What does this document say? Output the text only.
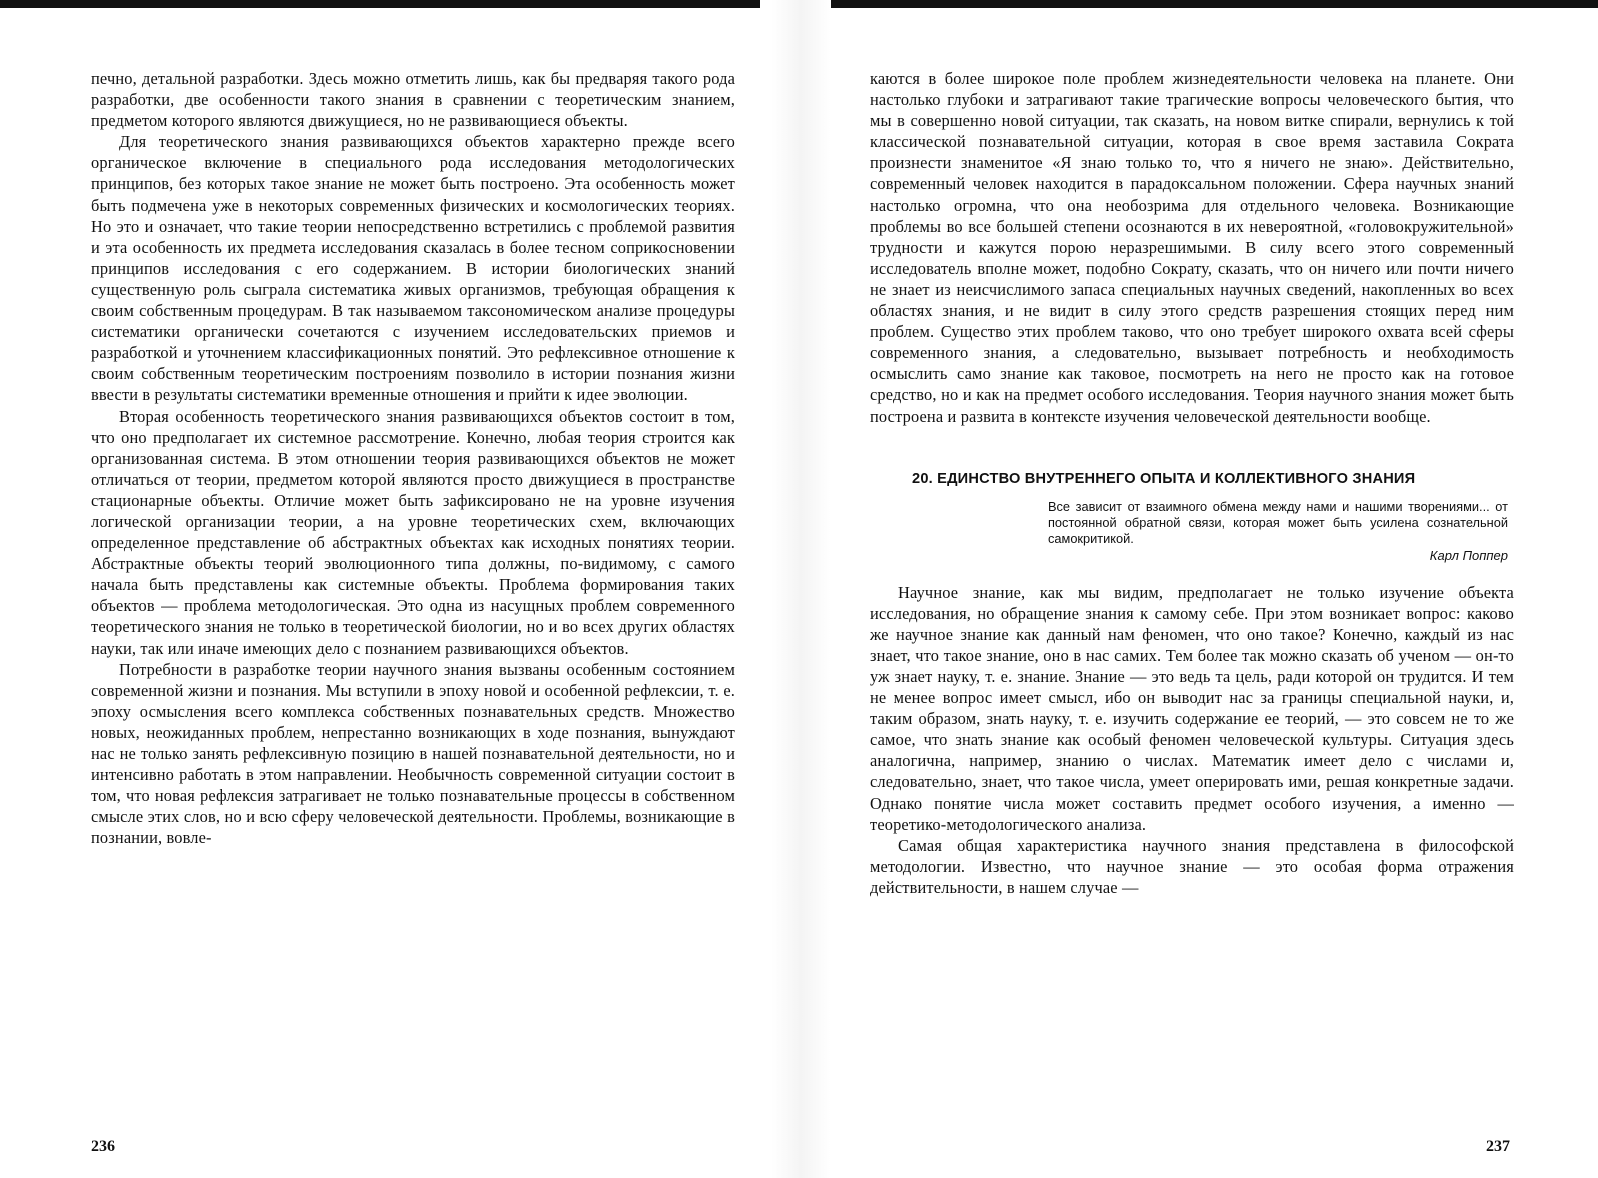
печно, детальной разработки. Здесь можно отметить лишь, как бы предваряя такого рода разработки, две особенности такого знания в сравнении с теоретическим знанием, предметом которого являются движущиеся, но не развивающиеся объекты.

Для теоретического знания развивающихся объектов характерно прежде всего органическое включение в специального рода исследования методологических принципов, без которых такое знание не может быть построено. Эта особенность может быть подмечена уже в некоторых современных физических и космологических теориях. Но это и означает, что такие теории непосредственно встретились с проблемой развития и эта особенность их предмета исследования сказалась в более тесном соприкосновении принципов исследования с его содержанием. В истории биологических знаний существенную роль сыграла систематика живых организмов, требующая обращения к своим собственным процедурам. В так называемом таксономическом анализе процедуры систематики органически сочетаются с изучением исследовательских приемов и разработкой и уточнением классификационных понятий. Это рефлексивное отношение к своим собственным теоретическим построениям позволило в истории познания жизни ввести в результаты систематики временные отношения и прийти к идее эволюции.

Вторая особенность теоретического знания развивающихся объектов состоит в том, что оно предполагает их системное рассмотрение. Конечно, любая теория строится как организованная система. В этом отношении теория развивающихся объектов не может отличаться от теории, предметом которой являются просто движущиеся в пространстве стационарные объекты. Отличие может быть зафиксировано не на уровне изучения логической организации теории, а на уровне теоретических схем, включающих определенное представление об абстрактных объектах как исходных понятиях теории. Абстрактные объекты теорий эволюционного типа должны, по-видимому, с самого начала быть представлены как системные объекты. Проблема формирования таких объектов — проблема методологическая. Это одна из насущных проблем современного теоретического знания не только в теоретической биологии, но и во всех других областях науки, так или иначе имеющих дело с познанием развивающихся объектов.

Потребности в разработке теории научного знания вызваны особенным состоянием современной жизни и познания. Мы вступили в эпоху новой и особенной рефлексии, т. е. эпоху осмысления всего комплекса собственных познавательных средств. Множество новых, неожиданных проблем, непрестанно возникающих в ходе познания, вынуждают нас не только занять рефлексивную позицию в нашей познавательной деятельности, но и интенсивно работать в этом направлении. Необычность современной ситуации состоит в том, что новая рефлексия затрагивает не только познавательные процессы в собственном смысле этих слов, но и всю сферу человеческой деятельности. Проблемы, возникающие в познании, вовле-

236

каются в более широкое поле проблем жизнедеятельности человека на планете. Они настолько глубоки и затрагивают такие трагические вопросы человеческого бытия, что мы в совершенно новой ситуации, так сказать, на новом витке спирали, вернулись к той классической познавательной ситуации, которая в свое время заставила Сократа произнести знаменитое «Я знаю только то, что я ничего не знаю». Действительно, современный человек находится в парадоксальном положении. Сфера научных знаний настолько огромна, что она необозрима для отдельного человека. Возникающие проблемы во все большей степени осознаются в их невероятной, «головокружительной» трудности и кажутся порою неразрешимыми. В силу всего этого современный исследователь вполне может, подобно Сократу, сказать, что он ничего или почти ничего не знает из неисчислимого запаса специальных научных сведений, накопленных во всех областях знания, и не видит в силу этого средств разрешения стоящих перед ним проблем. Существо этих проблем таково, что оно требует широкого охвата всей сферы современного знания, а следовательно, вызывает потребность и необходимость осмыслить само знание как таковое, посмотреть на него не просто как на готовое средство, но и как на предмет особого исследования. Теория научного знания может быть построена и развита в контексте изучения человеческой деятельности вообще.

20. ЕДИНСТВО ВНУТРЕННЕГО ОПЫТА И КОЛЛЕКТИВНОГО ЗНАНИЯ
Все зависит от взаимного обмена между нами и нашими творениями... от постоянной обратной связи, которая может быть усилена сознательной самокритикой.
Карл Поппер

Научное знание, как мы видим, предполагает не только изучение объекта исследования, но обращение знания к самому себе. При этом возникает вопрос: каково же научное знание как данный нам феномен, что оно такое? Конечно, каждый из нас знает, что такое знание, оно в нас самих. Тем более так можно сказать об ученом — он-то уж знает науку, т. е. знание. Знание — это ведь та цель, ради которой он трудится. И тем не менее вопрос имеет смысл, ибо он выводит нас за границы специальной науки, и, таким образом, знать науку, т. е. изучить содержание ее теорий, — это совсем не то же самое, что знать знание как особый феномен человеческой культуры. Ситуация здесь аналогична, например, знанию о числах. Математик имеет дело с числами и, следовательно, знает, что такое числа, умеет оперировать ими, решая конкретные задачи. Однако понятие числа может составить предмет особого изучения, а именно — теоретико-методологического анализа.

Самая общая характеристика научного знания представлена в философской методологии. Известно, что научное знание — это особая форма отражения действительности, в нашем случае —

237
